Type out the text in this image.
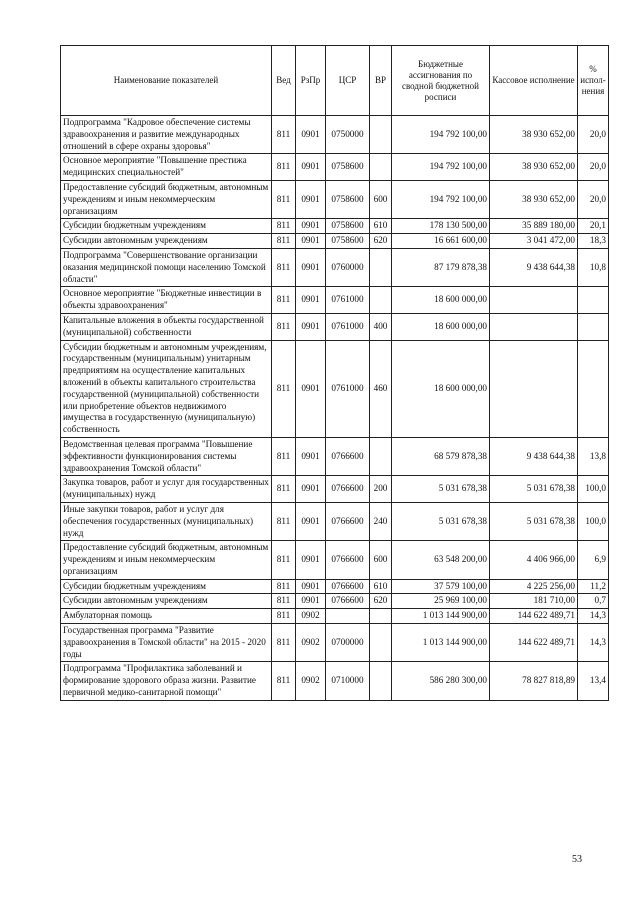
Наименование показателей	Вед	РзПр	ЦСР	ВР	Бюджетные ассигнования по сводной бюджетной росписи	Кассовое исполнение	% испол-нения
Подпрограмма "Кадровое обеспечение системы здравоохранения и развитие международных отношений в сфере охраны здоровья"	811	0901	0750000		194 792 100,00	38 930 652,00	20,0
Основное мероприятие "Повышение престижа медицинских специальностей"	811	0901	0758600		194 792 100,00	38 930 652,00	20,0
Предоставление субсидий бюджетным, автономным учреждениям и иным некоммерческим организациям	811	0901	0758600	600	194 792 100,00	38 930 652,00	20,0
Субсидии бюджетным учреждениям	811	0901	0758600	610	178 130 500,00	35 889 180,00	20,1
Субсидии автономным учреждениям	811	0901	0758600	620	16 661 600,00	3 041 472,00	18,3
Подпрограмма "Совершенствование организации оказания медицинской помощи населению Томской области"	811	0901	0760000		87 179 878,38	9 438 644,38	10,8
Основное мероприятие "Бюджетные инвестиции в объекты здравоохранения"	811	0901	0761000		18 600 000,00		
Капитальные вложения в объекты государственной (муниципальной) собственности	811	0901	0761000	400	18 600 000,00		
Субсидии бюджетным и автономным учреждениям, государственным (муниципальным) унитарным предприятиям на осуществление капитальных вложений в объекты капитального строительства государственной (муниципальной) собственности или приобретение объектов недвижимого имущества в государственную (муниципальную) собственность	811	0901	0761000	460	18 600 000,00		
Ведомственная целевая программа "Повышение эффективности функционирования системы здравоохранения Томской области"	811	0901	0766600		68 579 878,38	9 438 644,38	13,8
Закупка товаров, работ и услуг для государственных (муниципальных) нужд	811	0901	0766600	200	5 031 678,38	5 031 678,38	100,0
Иные закупки товаров, работ и услуг для обеспечения государственных (муниципальных) нужд	811	0901	0766600	240	5 031 678,38	5 031 678,38	100,0
Предоставление субсидий бюджетным, автономным учреждениям и иным некоммерческим организациям	811	0901	0766600	600	63 548 200,00	4 406 966,00	6,9
Субсидии бюджетным учреждениям	811	0901	0766600	610	37 579 100,00	4 225 256,00	11,2
Субсидии автономным учреждениям	811	0901	0766600	620	25 969 100,00	181 710,00	0,7
Амбулаторная помощь	811	0902			1 013 144 900,00	144 622 489,71	14,3
Государственная программа "Развитие здравоохранения в Томской области" на 2015 - 2020 годы	811	0902	0700000		1 013 144 900,00	144 622 489,71	14,3
Подпрограмма "Профилактика заболеваний и формирование здорового образа жизни. Развитие первичной медико-санитарной помощи"	811	0902	0710000		586 280 300,00	78 827 818,89	13,4
53
